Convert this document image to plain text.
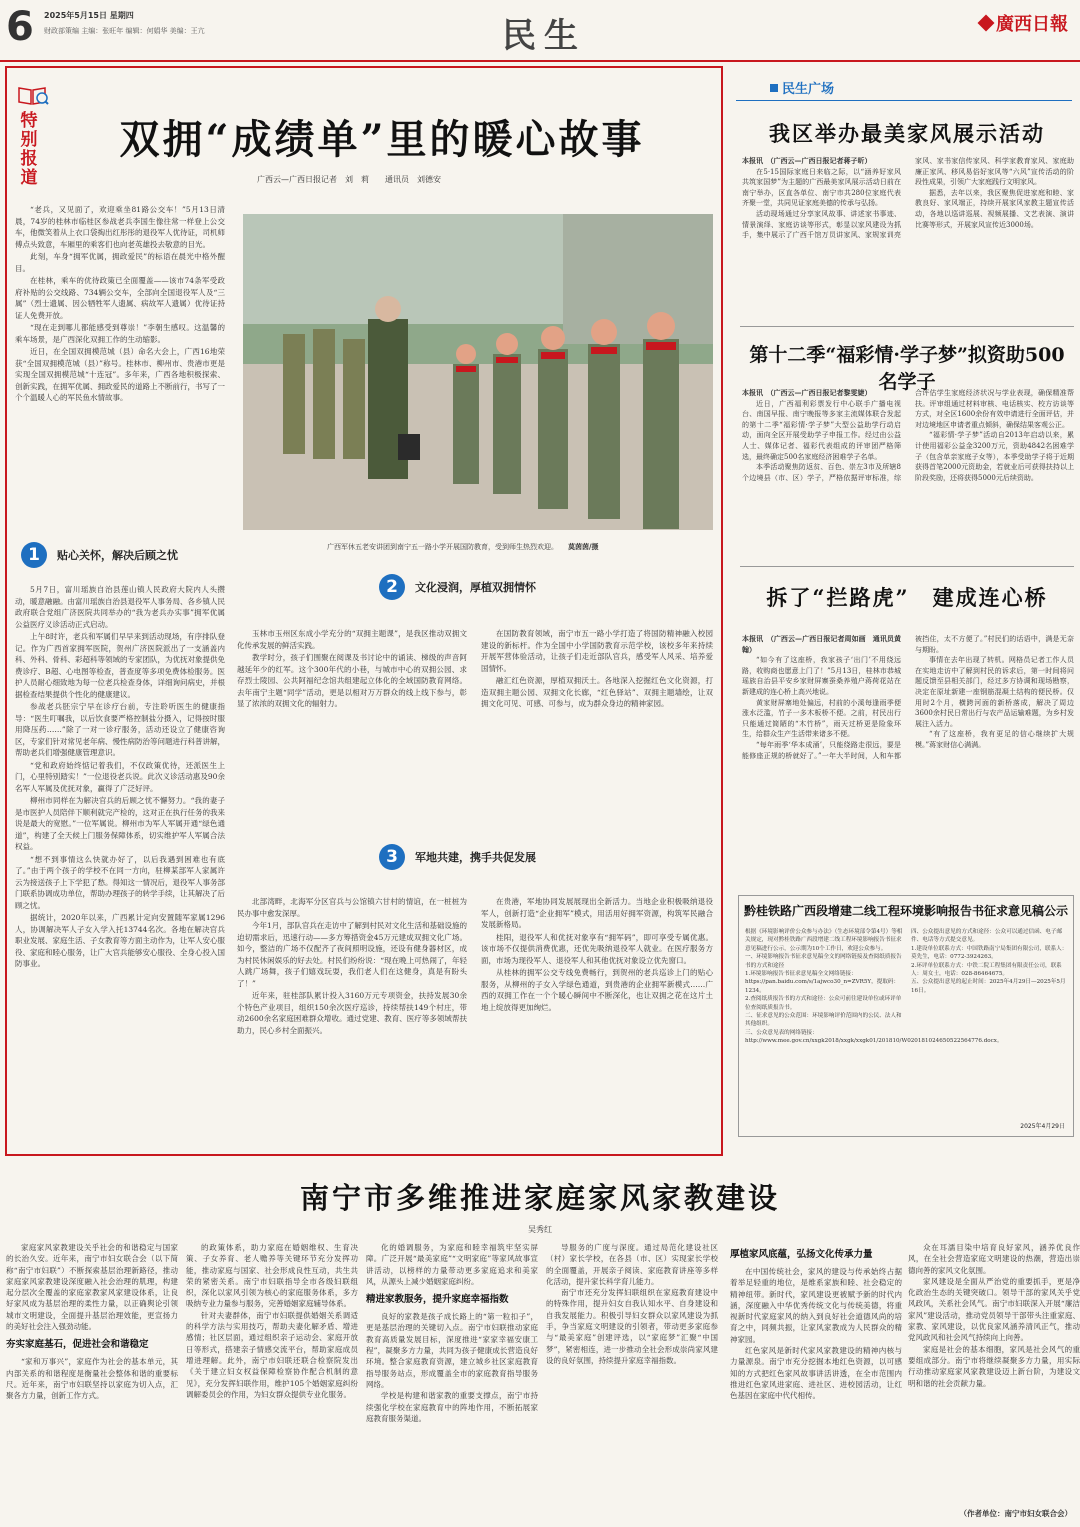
6 2025年5月15日 星期四
财政部策编 主编：张旺年 编辑：何娟华 美编：王亢	民生	廣西日報
特别报道
双拥“成绩单”里的暖心故事
广西云—广西日报记者　刘　莉　　通讯员　刘德安

“老兵，又见面了，欢迎乘坐81路公交车！”5月13日清晨，74岁的桂林市临桂区参战老兵李国生像往常一样登上公交车，他微笑着从上衣口袋掏出红彤彤的退役军人优待证，司机师傅点头致意，车厢里的乘客们也向老英雄投去敬意的目光。

此刻，车身“拥军优属，拥政爱民”的标语在晨光中格外醒目。

在桂林，乘车的优待政策已全面覆盖——该市74条军受政府补贴的公交线路、734辆公交车，全部向全国退役军人及“三属”（烈士遗属、因公牺牲军人遗属、病故军人遗属）优待证持证人免费开放。

“现在走到哪儿都能感受到尊崇！”李朝生感叹。这温馨的乘车场景，是广西深化双拥工作的生动缩影。

近日，在全国双拥模范城（县）命名大会上，广西16地荣获“全国双拥模范城（县）”称号。桂林市、柳州市、贵港市更是实现全国双拥模范城“十连冠”。多年来，广西各地积极探索、创新实践，在拥军优属、拥政爱民的道路上不断前行，书写了一个个温暖人心的军民鱼水情故事。

广西军休五老安讲团到南宁五一路小学开展国防教育，受到师生热烈欢迎。 莫茵茵/摄
1	贴心关怀，解决后顾之忧

5月7日，富川瑶族自治县莲山镇人民政府大院内人头攒动，暖意融融。由富川瑶族自治县退役军人事务局、各乡镇人民政府联合党组广济医院共同举办的“我为老兵办实事”拥军优属公益医疗义诊活动正式启动。

上午8时许，老兵和军属们早早来到活动现场，有序排队登记。作为广西首家拥军医院，贺州广济医院派出了一支涵盖内科、外科、骨科、彩超科等领域的专家团队，为优抚对象提供免费诊疗、B超、心电图等检查，普查度等多项免费体检服务。医护人员耐心细致地为每一位老兵检查身体，详细询问病史，并根据检查结果提供个性化的健康建议。

参战老兵胚宗宁早在诊疗台前，专注聆听医生的健康指导：“医生叮嘱我，以后饮食要严格控制盐分摄入，记得按时服用降压药……”除了一对一诊疗服务，活动还设立了健康咨询区，专家们针对常见老年病、慢性病防治等问题进行科普讲解，帮助老兵们增强健康管理意识。

“党和政府始终惦记着我们，不仅政策优待，还派医生上门，心里特别踏实！”一位退役老兵说。此次义诊活动惠及90余名军人军属及优抚对象，赢得了广泛好评。

柳州市同样在为解决官兵的后顾之忧不懈努力。“我的妻子是市医护人员陪伴下顺利就完产检的，这对正在执行任务的我来说是最大的宽慰。”一位军属说。柳州市为军人军属开通“绿色通道”，构建了全天候上门服务保障体系，切实维护军人军属合法权益。

“想不到事情这么快就办好了，以后我遇到困难也有底了。”由于两个孩子的学校不在同一方向，驻柳某部军人家属许云为接送孩子上下学犯了愁。得知这一情况后，退役军人事务部门联系协调成功单位，帮助办理孩子的转学手续，让其解决了后顾之忧。

据统计，2020年以来，广西累计定向安置随军家属1296人，协调解决军人子女入学入托13744名次。各地在解决官兵职业发展、家庭生活、子女教育等方面主动作为，让军人安心服役、家庭和睦心服务，让广大官兵能够安心服役、全身心投入国防事业。

2	文化浸润，厚植双拥情怀

玉林市玉州区东成小学充分的“双拥主题课”，是我区推动双拥文化传承发展的鲜活实践。

教学时分，孩子们围聚在阅课及书讨论中的诵读、梯级的声音阿越延年少的红军。这个300年代的小巷，与城市中心的双拥公园、求存烈士陵园、公共阿福纪念馆共组建起立体化的全域国防教育网络。去年南宁主题“同学”活动，更是以相对万万群众的线上线下参与，彰显了浓浓的双拥文化的辐射力。

在国防教育领域，南宁市五一路小学打造了将国防精神融入校园建设的新标杆。作为全国中小学国防教育示范学校，该校多年来持续开展军营体验活动，让孩子们走近部队官兵，感受军人风采、培养爱国情怀。

融汇红色资源，厚植双拥沃土。各地深入挖掘红色文化资源，打造双拥主题公园、双拥文化长廊，“红色驿站”、双拥主题墙绘，让双拥文化可见、可感、可参与，成为群众身边的精神家园。

3	军地共建，携手共促发展

北部湾畔，北海军分区官兵与公馆镇六甘村的情谊，在一桩桩为民办事中愈发深厚。

今年1月，部队官兵在走访中了解到村民对文化生活和基础设施的迫切需求后，迅速行动——多方筹措资金45万元建成双拥文化广场。如今，整洁的广场不仅配齐了夜间照明设施，还设有健身器材区，成为村民休闲娱乐的好去处。村民们纷纷说：“现在晚上可热闹了，年轻人跳广场舞，孩子们嬉戏玩耍，我们老人们在这健身，真是有盼头了！”

近年来，驻桂部队累计投入3160万元专项资金，扶持发展30余个特色产业项目，组织150余次医疗巡诊，持续帮扶149个村庄，带动2600余名家庭困难群众增收。通过党建、教育、医疗等多领域帮扶助力，民心乡村全面振兴。

在贵港，军地协同发展展现出全新活力。当地企业积极吸纳退役军人，创新打造“企业拥军”模式，用活用好拥军资源，构筑军民融合发展新格局。

桂阳，退役军人和优抚对象享有“拥军码”，即可享受专属优惠。该市场不仅提供消费优惠，还优先吸纳退役军人就业。在医疗服务方面，市场为现役军人、退役军人和其他优抚对象设立优先窗口。

从桂林的拥军公交专线免费畅行，到贺州的老兵巡诊上门的贴心服务，从柳州的子女入学绿色通道，到贵港的企业拥军新模式……广西的双拥工作在一个个暖心瞬间中不断深化，也让双拥之花在这片土地上绽放得更加绚烂。

民生广场
我区举办最美家风展示活动

本报讯　（广西云—广西日报记者蒋子昕）

在5·15国际家庭日来临之际，以“涵养好家风　共筑家国梦”为主题的广西最美家风展示活动日前在南宁举办，区直各单位、南宁市共280位家庭代表齐聚一堂，共同见证家庭美德的传承与弘扬。

活动现场通过分享家风故事、讲述家书事迹、情景演绎、家庭访谈等形式，彰显以家风建设为抓手，集中展示了广西千馆万员讲家风、家规家训亮家风、家书家信传家风、科学家教育家风、家庭助廉正家风、移风易俗好家风等“六风”宣传活动的阶段性成果，引领广大家庭践行文明家风。

据悉，去年以来，我区聚焦促进家庭和睦、家教良好、家风端正，持续开展家风家教主题宣传活动，各地以巡讲巡展、视频展播、文艺表演、演讲比赛等形式，开展家风宣传近3000场。

第十二季“福彩情·学子梦”拟资助500名学子

本报讯　（广西云—广西日报记者黎雯婕）

近日，广西福利彩票发行中心联手广播电视台、南国早报、南宁晚报等多家主流媒体联合发起的第十二季“福彩情·学子梦”大型公益助学行动启动，面向全区开展受助学子申报工作。经过由公益人士、媒体记者、福彩代表组成的评审团严格筛选，最终确定500名家庭经济困难学子名单。

本季活动聚焦防返贫、百色、崇左3市及所辖8个边境县（市、区）学子，严格依据评审标准，综合评估学生家庭经济状况与学业表现，确保精准帮扶。评审组通过材料审核、电话核实、校方访谈等方式，对全区1600余份有效申请进行全面评估，并对边境地区申请者重点倾斜，确保结果客观公正。

“福彩情·学子梦”活动自2013年启动以来，累计使用福彩公益金3200万元，资助4842名困难学子（包含单亲家庭子女等），本季受助学子将于近期获得首笔2000元资助金，若就业后可获得扶持以上阶段奖励，还将获得5000元后续资助。

拆了“拦路虎”　建成连心桥

本报讯　（广西云—广西日报记者周如画　通讯员黄翰）

“如今有了这座桥，我家孩子‘出门’不用绕远路，收购商也愿意上门了！”5月13日，桂林市恭城瑶族自治县平安乡家财屏寨蚕桑养殖户蒋荷花站在新建成的连心桥上高兴地说。

黄家财屏寨地处偏远，村前的小溪每逢雨季便涨水泛滥，竹子一多木板桥不便。之前，村民出行只能通过简陋的“木竹桥”，雨天过桥更是险象环生，给群众生产生活带来诸多不便。

“每年雨季‘华本成涌’，只能绕路走很远，要是能修座正规的桥就好了。”一年大半时间，人和车都被挡住，太不方便了。”村民们的话语中，满是无奈与期盼。

事情在去年出现了转机。网格员记者工作人员在实地走访中了解到村民的诉求后，第一时间将问题反馈至县相关部门，经过多方协调和现场勘察，决定在原址新建一座钢筋混凝土结构的便民桥。仅用时2个月，横跨河面的新桥落成，解决了周边3600余村民日常出行与农产品运输难题，为乡村发展注入活力。

“有了这座桥，我有更足的信心继续扩大规模。”蒋家财信心满满。

黔桂铁路广西段增建二线工程环境影响报告书征求意见稿公示
根据《环境影响评价公众参与办法》（生态环境部令第4号）等相关规定，现对黔桂铁路广西段增建二线工程环境影响报告书征求意见稿进行公示，公示期为10个工作日，欢迎公众参与。
一、环境影响报告书征求意见稿全文的网络链接及查阅纸质报告书的方式和途径
1.环境影响报告书征求意见稿全文网络链接：https://pan.baidu.com/s/1ajwco30_n=ZVR5Y，提取码：1234。
2.查阅纸质报告书的方式和途径：公众可前往建设单位或环评单位查阅纸质报告书。
二、征求意见的公众范围：环境影响评价范围内的公民、法人和其他组织。
三、公众意见表的网络链接：http://www.mee.gov.cn/xxgk2018/xxgk/xxgk01/201810/W020181024650522564776.docx。
四、公众提出意见的方式和途径：公众可以通过信函、电子邮件、电话等方式提交意见。
1.建设单位联系方式：中国铁路南宁局集团有限公司，联系人：莫先生，电话：0772-3924263。
2.环评单位联系方式：中铁二院工程集团有限责任公司，联系人：周女士，电话：028-86464675。
五、公众提出意见的起止时间：2025年4月29日—2025年5月16日。
2025年4月29日
南宁市多维推进家庭家风家教建设
吴秀红

家庭家风家教建设关乎社会的和谐稳定与国家的长治久安。近年来，南宁市妇女联合会（以下简称“南宁市妇联”）不断探索基层治理新路径，推动家庭家风家教建设深度融入社会治理的肌理，构建起分层次全覆盖的家庭家教家风家建设体系，让良好家风成为基层治理的柔性力量，以正确舆论引领城市文明建设，全面提升基层治理效能，更宣扬力的美好社会注入强劲动能。

夯实家庭基石，促进社会和谐稳定

“家和万事兴”，家庭作为社会的基本单元，其内部关系的和谐程度是衡量社会整体和谐的重要标尺。近年来，南宁市妇联坚持以家庭为切入点，汇聚各方力量，创新工作方式。

的政策体系，助力家庭在婚姻维权、生育决策、子女养育、老人赡养等关键环节充分发挥功能，推动家庭与国家、社会形成良性互动，共生共荣的紧密关系。南宁市妇联指导全市各级妇联组织，深化以家风引领为核心的家庭服务体系，多方吸纳专业力量参与服务，完善婚姻家庭辅导体系。

针对夫妻群体，南宁市妇联提供婚姻关系调适的科学方法与实用技巧，帮助夫妻化解矛盾、增进感情；社区层面，通过组织亲子运动会、家庭开放日等形式，搭建亲子情感交流平台，帮助家庭成员增进理解。此外，南宁市妇联还联合检察院发出《关于建立妇女权益保障检察协作配合机制的意见》，充分发挥妇联作用，维护105个婚姻家庭纠纷调解委员会的作用，为妇女群众提供专业化服务。

化的婚调服务，为家庭和睦幸福筑牢坚实屏障。广泛开展“最美家庭”“文明家庭”等家风故事宣讲活动，以榜样的力量带动更多家庭追求和美家风，从源头上减少婚姻家庭纠纷。

精进家教服务，提升家庭幸福指数

良好的家教是孩子成长路上的“第一粒扣子”，更是基层治理的关键切入点。南宁市妇联推动家庭教育高质量发展目标，深度推进“家家幸福安康工程”，凝聚多方力量，共同为孩子健康成长营造良好环境。整合家庭教育资源，建立城乡社区家庭教育指导服务站点，形成覆盖全市的家庭教育指导服务网络。

学校是构建和谐家教的重要支撑点，南宁市持续强化学校在家庭教育中的阵地作用，不断拓展家庭教育服务渠道。

导服务的广度与深度。通过局范化建设社区（村）家长学校，在各县（市、区）实现家长学校的全面覆盖，开展亲子阅读、家庭教育讲座等多样化活动，提升家长科学育儿能力。

南宁市还充分发挥妇联组织在家庭教育建设中的特殊作用，提升妇女自我认知水平、自身建设和自我发展能力。积极引导妇女群众以家风建设为抓手，争当家庭文明建设的引领者，带动更多家庭参与“最美家庭”创建评选，以“家庭梦”汇聚“中国梦”，紧密相连，进一步推动全社会形成崇尚家风建设的良好氛围，持续提升家庭幸福指数。

厚植家风底蕴，弘扬文化传承力量

在中国传统社会，家风的建设与传承始终占据着举足轻重的地位，是维系家族和睦、社会稳定的精神纽带。新时代，家风建设更被赋予新的时代内涵，深度融入中华优秀传统文化与传统美德，将重视新时代家庭家风的纳入到良好社会道德风尚的培育之中，同频共振，让家风家教成为人民群众的精神家园。

红色家风是新时代家风家教建设的精神内核与力量源泉。南宁市充分挖掘本地红色资源，以可感知的方式把红色家风故事讲活讲透，在全市范围内推进红色家风进家庭、进社区、进校园活动，让红色基因在家庭中代代相传。

众在耳濡目染中培育良好家风，涵养优良作风，在全社会营造家庭文明建设的热潮，营造出崇德向善的家风文化氛围。

家风建设是全面从严治党的重要抓手，更是净化政治生态的关键突破口。领导干部的家风关乎党风政风，关系社会风气。南宁市妇联深入开展“廉洁家风”建设活动，推动党员领导干部带头注重家庭、家教、家风建设，以优良家风涵养清风正气，推动党风政风和社会风气持续向上向善。

家庭是社会的基本细胞，家风是社会风气的重要组成部分。南宁市将继续凝聚多方力量，用实际行动推动家庭家风家教建设迈上新台阶，为建设文明和谐的社会贡献力量。

（作者单位：南宁市妇女联合会）
